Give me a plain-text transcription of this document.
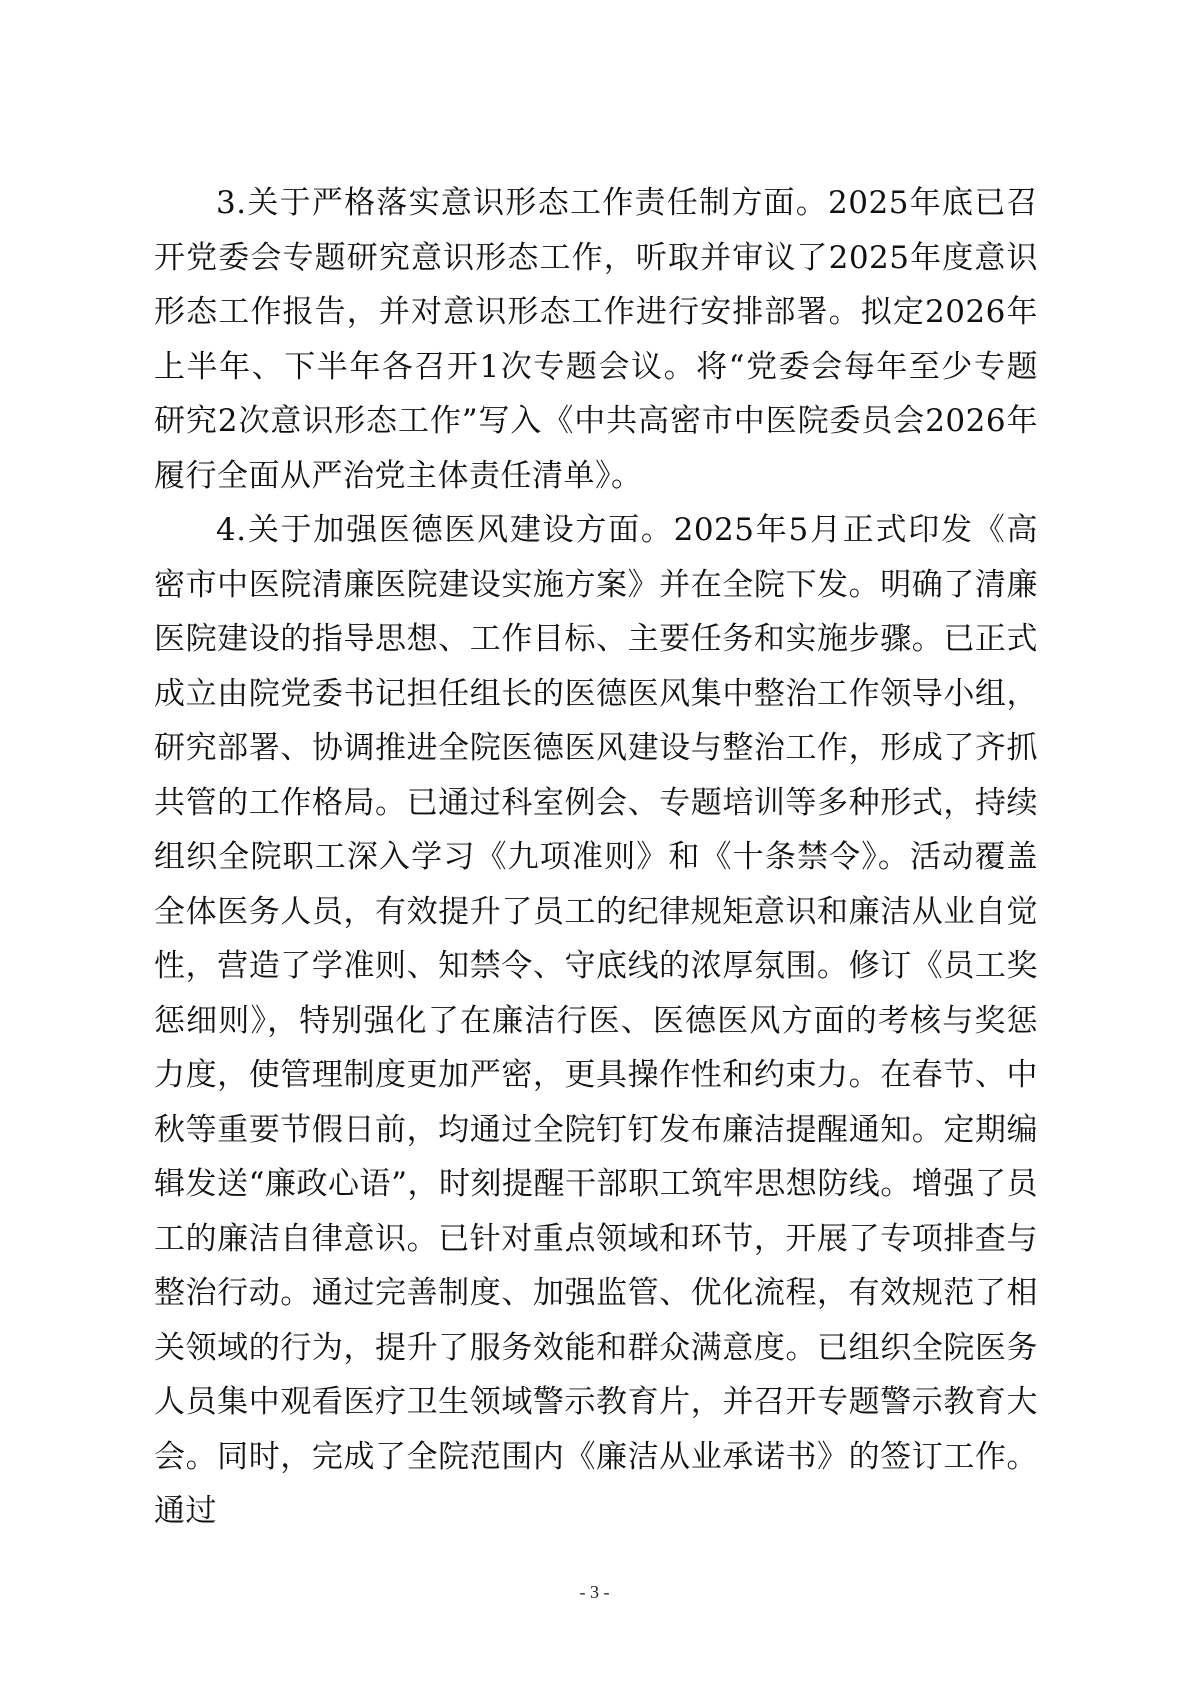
3.关于严格落实意识形态工作责任制方面。2025年底已召开党委会专题研究意识形态工作，听取并审议了2025年度意识形态工作报告，并对意识形态工作进行安排部署。拟定2026年上半年、下半年各召开1次专题会议。将“党委会每年至少专题研究2次意识形态工作”写入《中共高密市中医院委员会2026年履行全面从严治党主体责任清单》。

4.关于加强医德医风建设方面。2025年5月正式印发《高密市中医院清廉医院建设实施方案》并在全院下发。明确了清廉医院建设的指导思想、工作目标、主要任务和实施步骤。已正式成立由院党委书记担任组长的医德医风集中整治工作领导小组，研究部署、协调推进全院医德医风建设与整治工作，形成了齐抓共管的工作格局。已通过科室例会、专题培训等多种形式，持续组织全院职工深入学习《九项准则》和《十条禁令》。活动覆盖全体医务人员，有效提升了员工的纪律规矩意识和廉洁从业自觉性，营造了学准则、知禁令、守底线的浓厚氛围。修订《员工奖惩细则》，特别强化了在廉洁行医、医德医风方面的考核与奖惩力度，使管理制度更加严密，更具操作性和约束力。在春节、中秋等重要节假日前，均通过全院钉钉发布廉洁提醒通知。定期编辑发送“廉政心语”，时刻提醒干部职工筑牢思想防线。增强了员工的廉洁自律意识。已针对重点领域和环节，开展了专项排查与整治行动。通过完善制度、加强监管、优化流程，有效规范了相关领域的行为，提升了服务效能和群众满意度。已组织全院医务人员集中观看医疗卫生领域警示教育片，并召开专题警示教育大会。同时，完成了全院范围内《廉洁从业承诺书》的签订工作。通过

- 3 -
